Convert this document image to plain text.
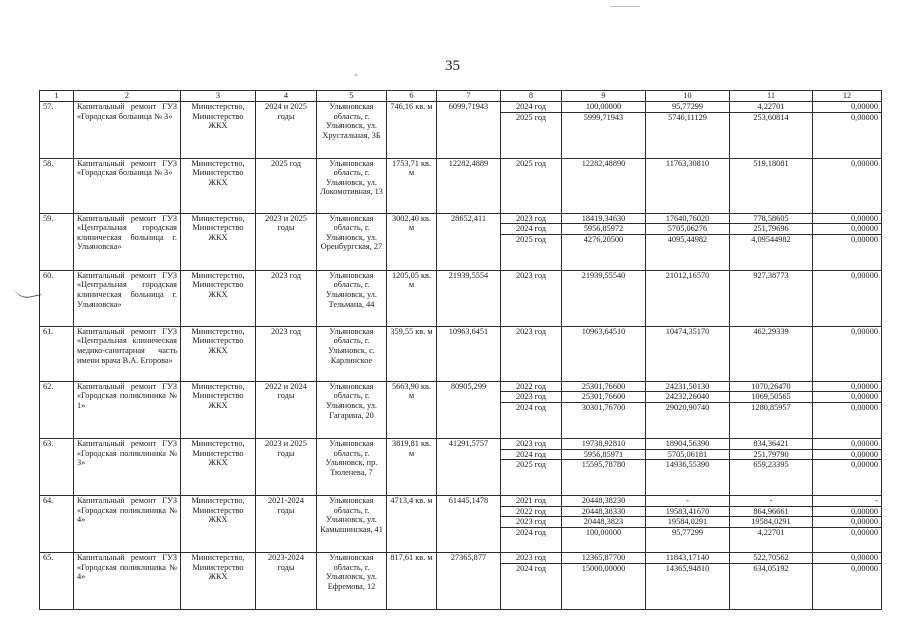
35
1	2	3	4	5	6	7	8	9	10	11	12
57.	Капитальный ремонт ГУЗ «Городская больница № 3»	Министерство, Министерство ЖКХ	2024 и 2025 годы	Ульяновская область, г. Ульяновск, ул. Хрустальная, 3Б	746,16 кв. м	6099,71943	2024 год	100,00000	95,77299	4,22701	0,00000
							2025 год	5999,71943	5746,11129	253,60814	0,00000
58.	Капитальный ремонт ГУЗ «Городская больница № 3»	Министерство, Министерство ЖКХ	2025 год	Ульяновская область, г. Ульяновск, ул. Локомотивная, 13	1753,71 кв. м	12282,4889	2025 год	12282,48890	11763,30810	519,18081	0,00000
59.	Капитальный ремонт ГУЗ «Центральная городская клиническая больница г. Ульяновска»	Министерство, Министерство ЖКХ	2023 и 2025 годы	Ульяновская область, г. Ульяновск, ул. Оренбургская, 27	3002,40 кв. м	28652,411	2023 год	18419,34630	17640,76020	778,58605	0,00000
							2024 год	5956,85972	5705,06276	251,79696	0,00000
							2025 год	4276,20500	4095,44982	4,09544982	0,00000
60.	Капитальный ремонт ГУЗ «Центральная городская клиническая больница г. Ульяновска»	Министерство, Министерство ЖКХ	2023 год	Ульяновская область, г. Ульяновск, ул. Тельмана, 44	1205,05 кв. м	21939,5554	2023 год	21939,55540	21012,16570	927,38773	0,00000
61.	Капитальный ремонт ГУЗ «Центральная клиническая медико-санитарная часть имени врача В.А. Егорова»	Министерство, Министерство ЖКХ	2023 год	Ульяновская область, г. Ульяновск, с. Карлинское	359,55 кв. м	10963,6451	2023 год	10963,64510	10474,35170	462,29339	0,00000
62.	Капитальный ремонт ГУЗ «Городская поликлиника № 1»	Министерство, Министерство ЖКХ	2022 и 2024 годы	Ульяновская область, г. Ульяновск, ул. Гагарина, 20	5663,90 кв. м	80905,299	2022 год	25301,76600	24231,50130	1070,26470	0,00000
							2023 год	25301,76600	24232,26040	1069,50565	0,00000
							2024 год	30301,76700	29020,90740	1280,85957	0,00000
63.	Капитальный ремонт ГУЗ «Городская поликлиника № 3»	Министерство, Министерство ЖКХ	2023 и 2025 годы	Ульяновская область, г. Ульяновск, пр. Тюленева, 7	3819,81 кв. м	41291,5757	2023 год	19738,92810	18904,56390	834,36421	0,00000
							2024 год	5956,85971	5705,06181	251,79790	0,00000
							2025 год	15595,78780	14936,55390	659,23395	0,00000
64.	Капитальный ремонт ГУЗ «Городская поликлиника № 4»	Министерство, Министерство ЖКХ	2021-2024 годы	Ульяновская область, г. Ульяновск, ул. Камышинская, 41	4713,4 кв. м	61445,1478	2021 год	20448,38230	-	-	-
							2022 год	20448,38330	19583,41670	864,96661	0,00000
							2023 год	20448,3823	19584,0291	19584,0291	0,00000
							2024 год	100,00000	95,77299	4,22701	0,00000
65.	Капитальный ремонт ГУЗ «Городская поликлиника № 4»	Министерство, Министерство ЖКХ	2023-2024 годы	Ульяновская область, г. Ульяновск, ул. Ефремова, 12	817,61 кв. м	27365,877	2023 год	12365,87700	11843,17140	522,70562	0,00000
							2024 год	15000,00000	14365,94810	634,05192	0,00000
